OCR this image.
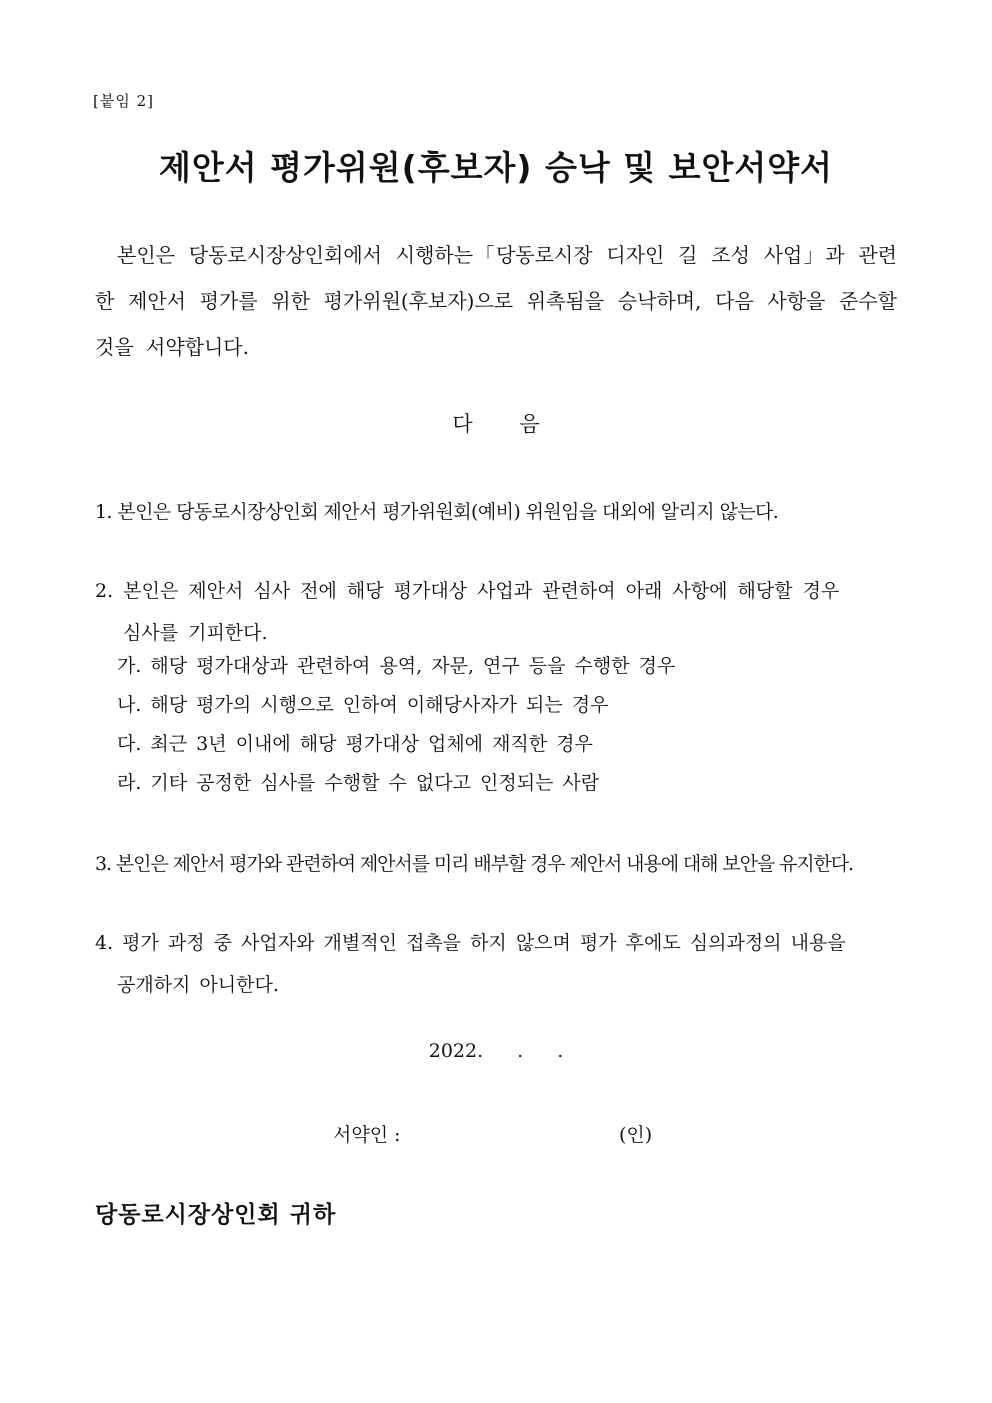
[붙임 2]
제안서 평가위원(후보자) 승낙 및 보안서약서
본인은 당동로시장상인회에서 시행하는「당동로시장 디자인 길 조성 사업」과 관련한 제안서 평가를 위한 평가위원(후보자)으로 위촉됨을 승낙하며, 다음 사항을 준수할 것을 서약합니다.
다 음
1. 본인은 당동로시장상인회 제안서 평가위원회(예비) 위원임을 대외에 알리지 않는다.
2. 본인은 제안서 심사 전에 해당 평가대상 사업과 관련하여 아래 사항에 해당할 경우
심사를 기피한다.
가. 해당 평가대상과 관련하여 용역, 자문, 연구 등을 수행한 경우
나. 해당 평가의 시행으로 인하여 이해당사자가 되는 경우
다. 최근 3년 이내에 해당 평가대상 업체에 재직한 경우
라. 기타 공정한 심사를 수행할 수 없다고 인정되는 사람
3. 본인은 제안서 평가와 관련하여 제안서를 미리 배부할 경우 제안서 내용에 대해 보안을 유지한다.
4. 평가 과정 중 사업자와 개별적인 접촉을 하지 않으며 평가 후에도 심의과정의 내용을
공개하지 아니한다.
2022. . .
서약인 :	(인)
당동로시장상인회 귀하
